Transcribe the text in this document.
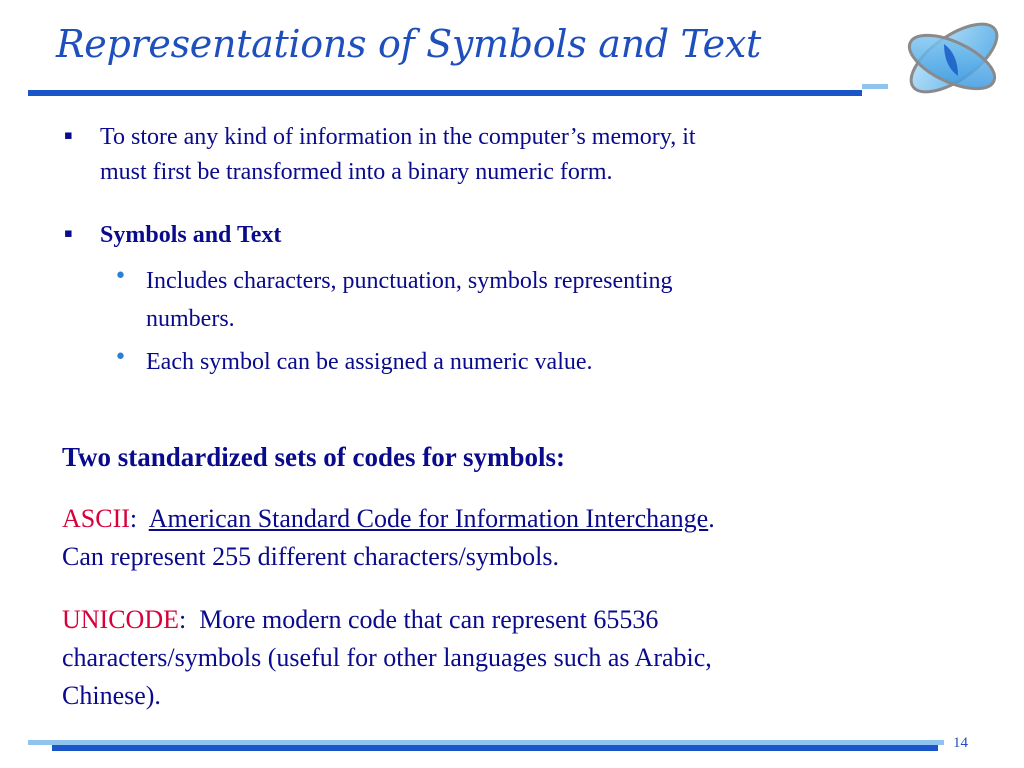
Representations of Symbols and Text
▪ To store any kind of information in the computer’s memory, it
must first be transformed into a binary numeric form.
▪ Symbols and Text
• Includes characters, punctuation, symbols representing
numbers.
• Each symbol can be assigned a numeric value.
Two standardized sets of codes for symbols:
ASCII:  American Standard Code for Information Interchange.
Can represent 255 different characters/symbols.
UNICODE:  More modern code that can represent 65536
characters/symbols (useful for other languages such as Arabic,
Chinese).
14
